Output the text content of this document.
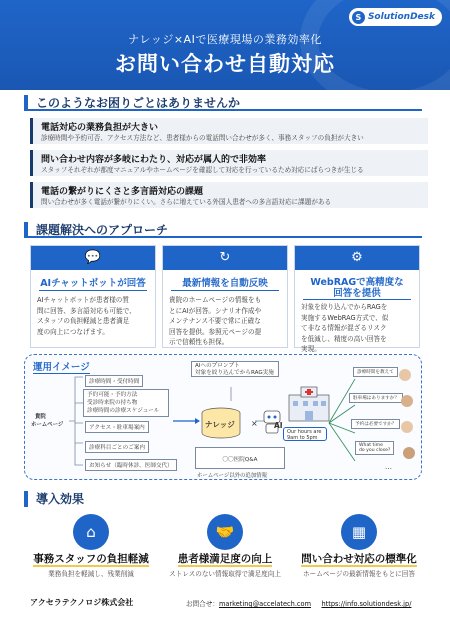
S SolutionDesk
ナレッジ×AIで医療現場の業務効率化
お問い合わせ自動対応
このようなお困りごとはありませんか
電話対応の業務負担が大きい
診療時間や予約可否、アクセス方法など、患者様からの電話問い合わせが多く、事務スタッフの負担が大きい
問い合わせ内容が多岐にわたり、対応が属人的で非効率
スタッフそれぞれが都度マニュアルやホームページを確認して対応を行っているため対応にばらつきが生じる
電話の繋がりにくさと多言語対応の課題
問い合わせが多く電話が繋がりにくい。さらに増えている外国人患者への多言語対応に課題がある
課題解決へのアプローチ
💬
AIチャットボットが回答
AIチャットボットが患者様の質
問に回答、多言語対応も可能で、
スタッフの負担軽減と患者満足
度の向上につなげます。
↻
最新情報を自動反映
貴院のホームページの情報をも
とにAIが回答。シナリオ作成や
メンテナンス不要で常に正確な
回答を提供。参照元ページの提
示で信頼性も担保。
⚙
WebRAGで高精度な
回答を提供
対象を絞り込んでからRAGを
実施するWebRAG方式で、似
て非なる情報が混ざるリスク
を低減し、精度の高い回答を
実現。
運用イメージ
貴院
ホームページ
診療時間・受付時間
予約可能・予約方法
受診時来院の持ち物
診療時間の診療スケジュール
アクセス・駐車場案内
診療科目ごとのご案内
お知らせ（臨時休診、医師交代）
AIへのプロンプト
対象を絞り込んでからRAG実施
ナレッジ × AI
Our hours are
9am to 5pm
〇〇医院Q&A
ホームページ以外の追加情報
診療時間を教えて
駐車場はありますか？
予約は必要ですか？
What time
do you close?
…
導入効果
⌂
事務スタッフの負担軽減
業務負担を軽減し、残業削減
🤝
患者様満足度の向上
ストレスのない情報取得で満足度向上
▦
問い合わせ対応の標準化
ホームページの最新情報をもとに回答
アクセラテクノロジ株式会社	お問合せ：marketing@accelatech.com https://info.solutiondesk.jp/
